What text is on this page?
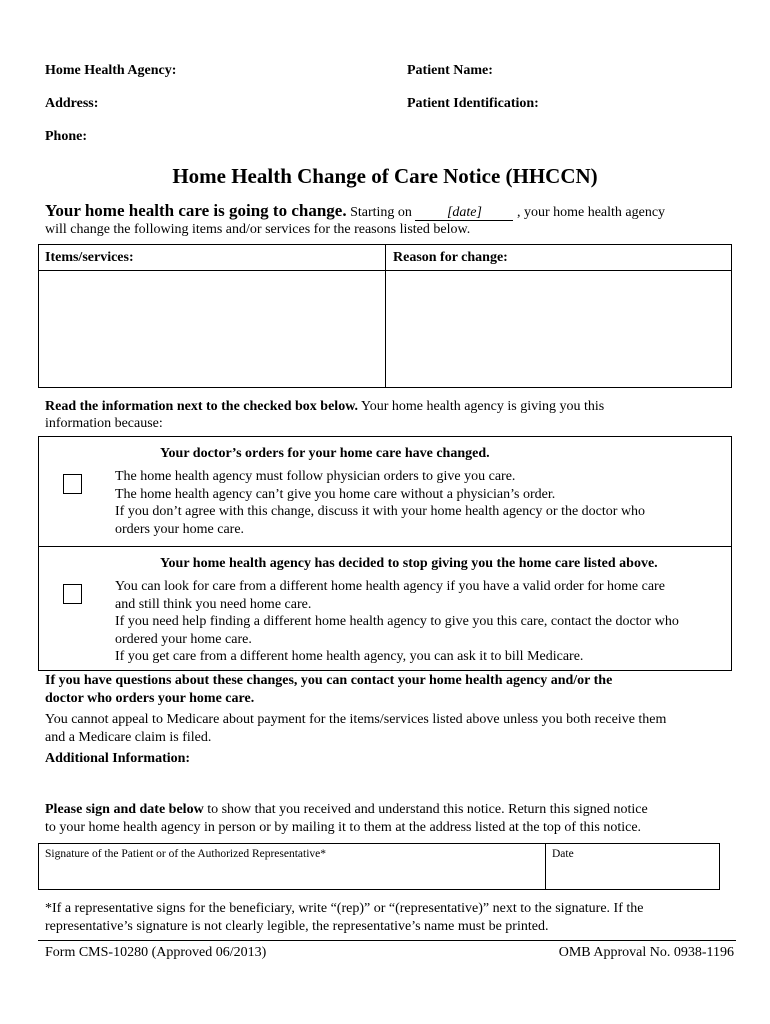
Home Health Agency:
Address:
Phone:
Patient Name:
Patient Identification:
Home Health Change of Care Notice (HHCCN)
Your home health care is going to change. Starting on	[date]	, your home health agency
will change the following items and/or services for the reasons listed below.
Items/services:	Reason for change:
Read the information next to the checked box below. Your home health agency is giving you this
information because:
Your doctor’s orders for your home care have changed.
The home health agency must follow physician orders to give you care.
The home health agency can’t give you home care without a physician’s order.
If you don’t agree with this change, discuss it with your home health agency or the doctor who
orders your home care.
Your home health agency has decided to stop giving you the home care listed above.
You can look for care from a different home health agency if you have a valid order for home care
and still think you need home care.
If you need help finding a different home health agency to give you this care, contact the doctor who
ordered your home care.
If you get care from a different home health agency, you can ask it to bill Medicare.
If you have questions about these changes, you can contact your home health agency and/or the
doctor who orders your home care.
You cannot appeal to Medicare about payment for the items/services listed above unless you both receive them
and a Medicare claim is filed.
Additional Information:
Please sign and date below to show that you received and understand this notice. Return this signed notice
to your home health agency in person or by mailing it to them at the address listed at the top of this notice.
Signature of the Patient or of the Authorized Representative*	Date
*If a representative signs for the beneficiary, write “(rep)” or “(representative)” next to the signature. If the
representative’s signature is not clearly legible, the representative’s name must be printed.
Form CMS-10280 (Approved 06/2013)	OMB Approval No. 0938-1196
